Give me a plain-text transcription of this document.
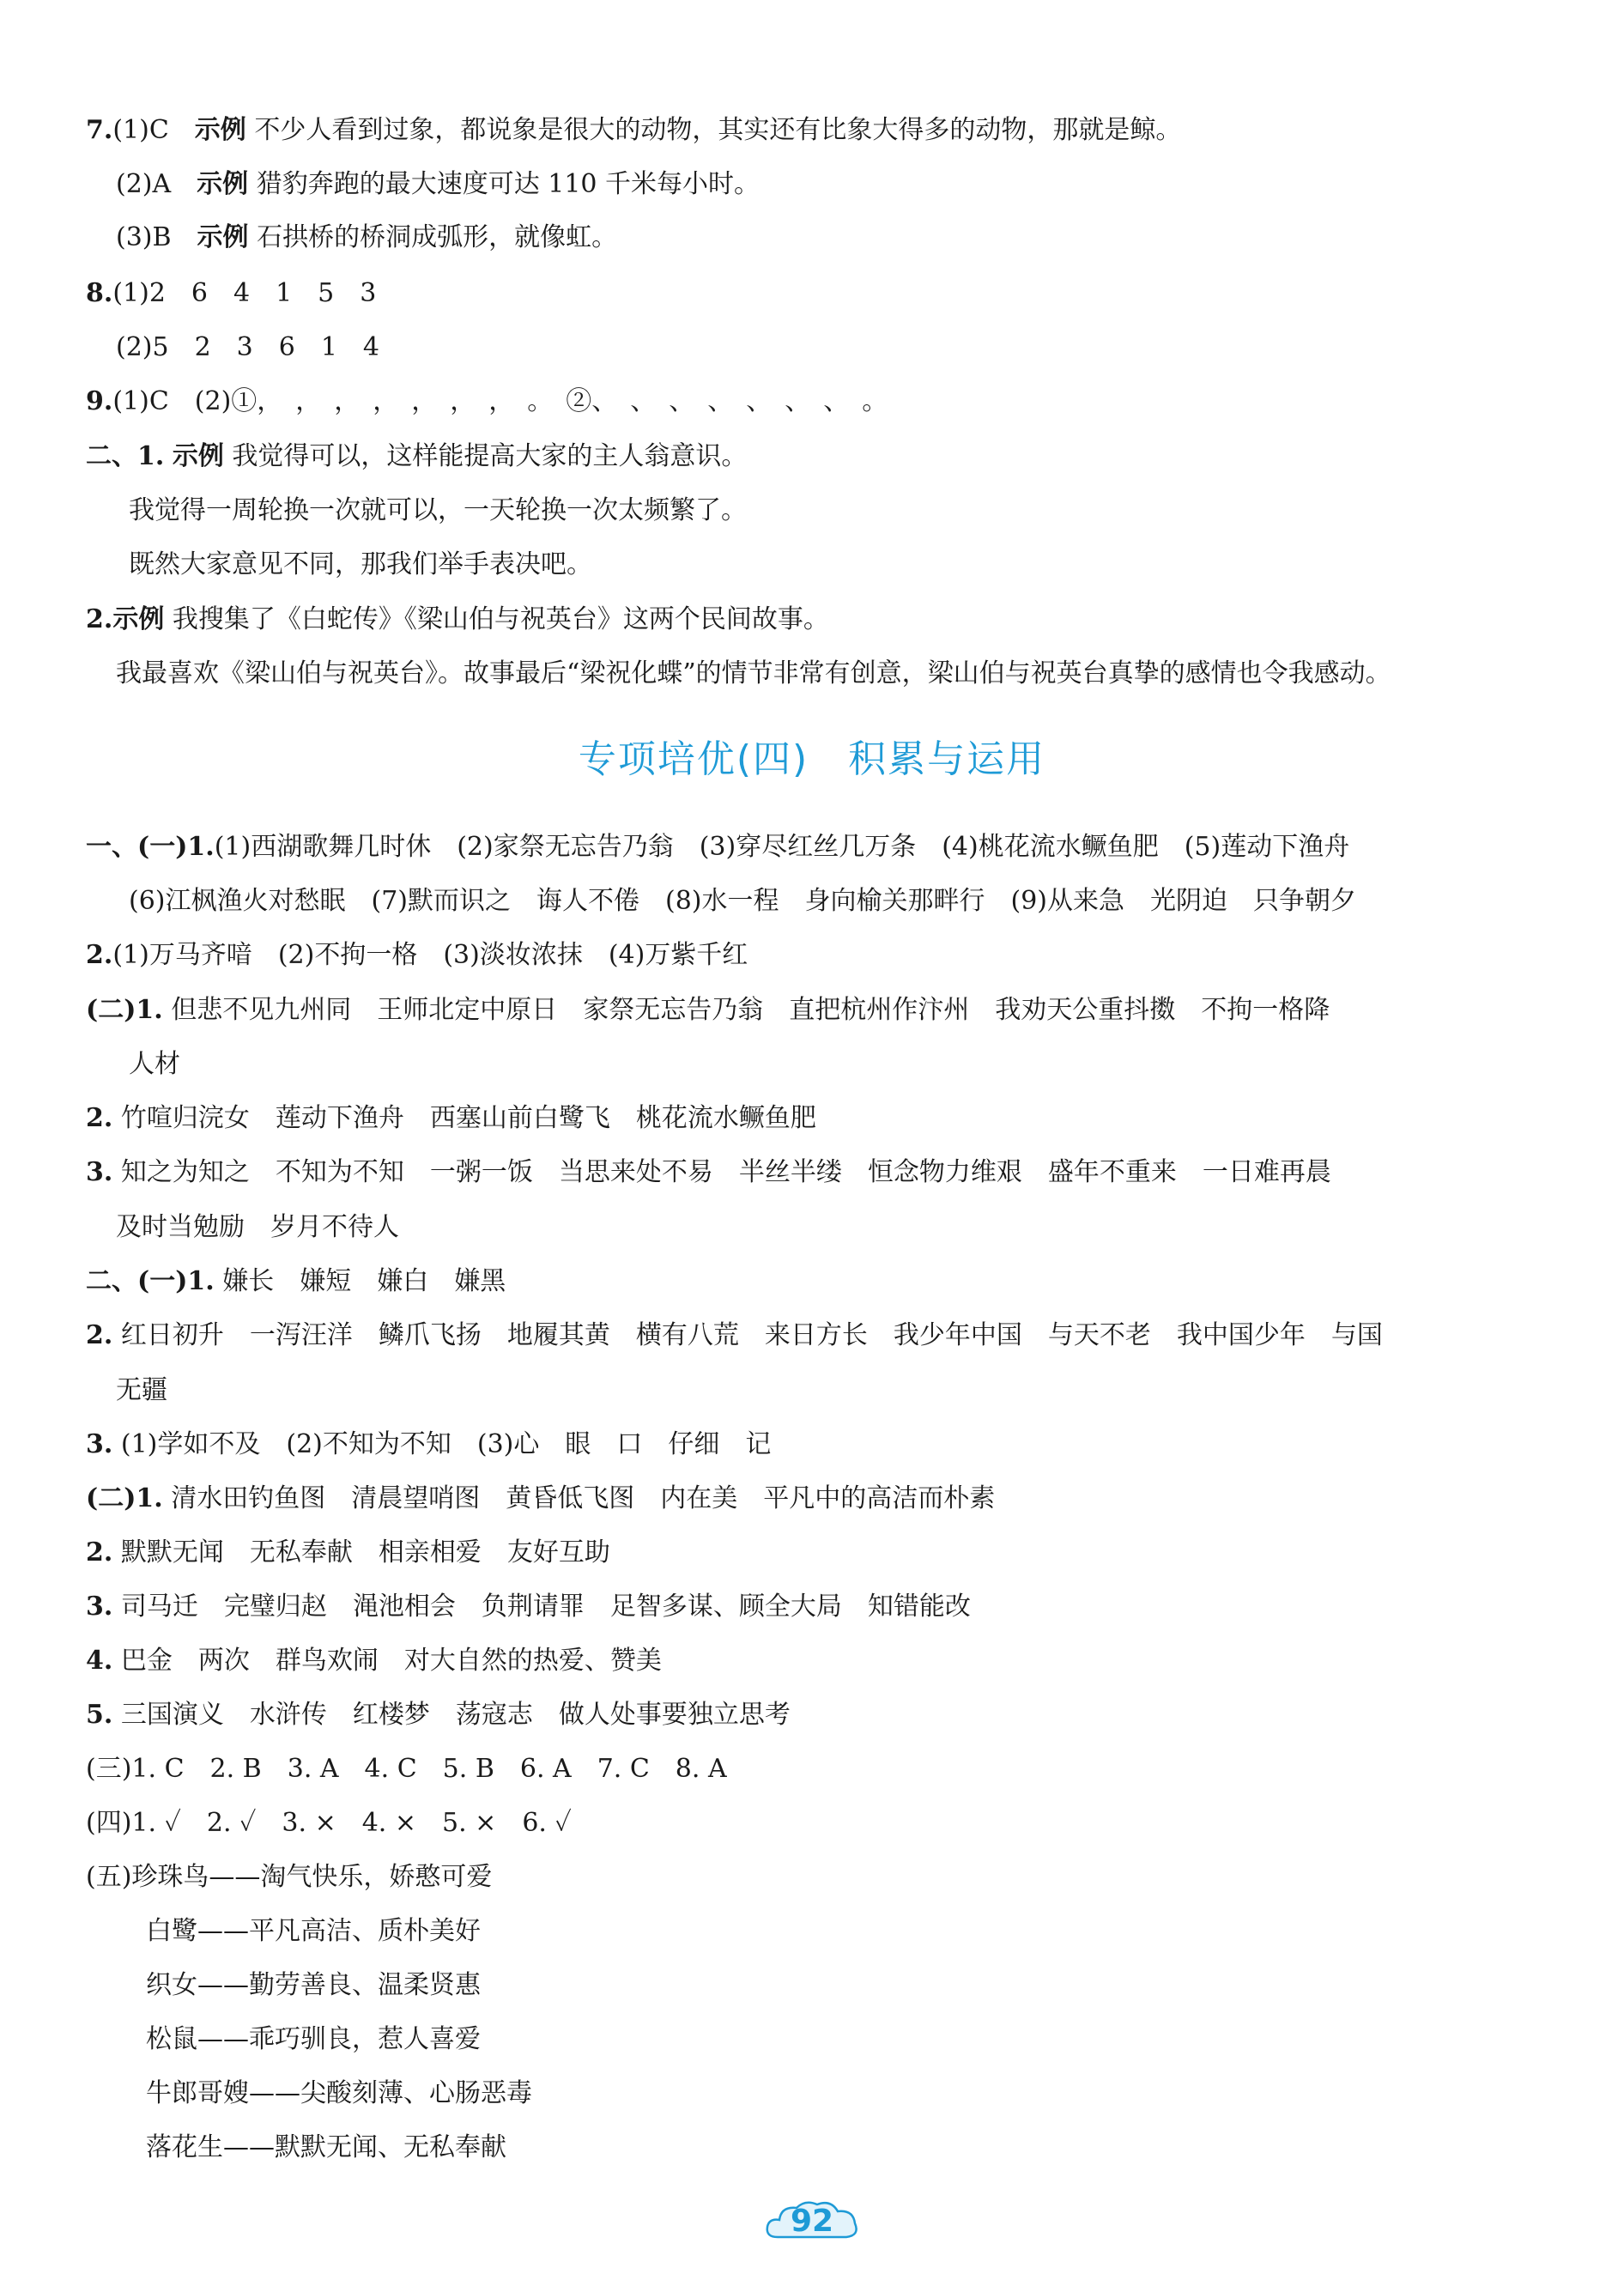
7.(1)C　 示例 不少人看到过象，都说象是很大的动物，其实还有比象大得多的动物，那就是鲸。
(2)A　 示例 猎豹奔跑的最大速度可达 110 千米每小时。
(3)B　 示例 石拱桥的桥洞成弧形，就像虹。
8.(1)2　6　4　1　5　3
(2)5　2　3　6　1　4
9.(1)C　(2)①，　，　，　，　，　，　，　。　②、　、　、　、　、　、　、　。
二、1. 示例 我觉得可以，这样能提高大家的主人翁意识。
我觉得一周轮换一次就可以，一天轮换一次太频繁了。
既然大家意见不同，那我们举手表决吧。
2.示例 我搜集了《白蛇传》《梁山伯与祝英台》这两个民间故事。
我最喜欢《梁山伯与祝英台》。故事最后“梁祝化蝶”的情节非常有创意，梁山伯与祝英台真挚的感情也令我感动。
专项培优(四)　积累与运用
一、(一)1.(1)西湖歌舞几时休　(2)家祭无忘告乃翁　(3)穿尽红丝几万条　(4)桃花流水鳜鱼肥　(5)莲动下渔舟
(6)江枫渔火对愁眠　(7)默而识之　诲人不倦　(8)水一程　身向榆关那畔行　(9)从来急　光阴迫　只争朝夕
2.(1)万马齐喑　(2)不拘一格　(3)淡妆浓抹　(4)万紫千红
(二)1. 但悲不见九州同　王师北定中原日　家祭无忘告乃翁　直把杭州作汴州　我劝天公重抖擞　不拘一格降
人材
2. 竹喧归浣女　莲动下渔舟　西塞山前白鹭飞　桃花流水鳜鱼肥
3. 知之为知之　不知为不知　一粥一饭　当思来处不易　半丝半缕　恒念物力维艰　盛年不重来　一日难再晨
及时当勉励　岁月不待人
二、(一)1. 嫌长　嫌短　嫌白　嫌黑
2. 红日初升　一泻汪洋　鳞爪飞扬　地履其黄　横有八荒　来日方长　我少年中国　与天不老　我中国少年　与国
无疆
3. (1)学如不及　(2)不知为不知　(3)心　眼　口　仔细　记
(二)1. 清水田钓鱼图　清晨望哨图　黄昏低飞图　内在美　平凡中的高洁而朴素
2. 默默无闻　无私奉献　相亲相爱　友好互助
3. 司马迁　完璧归赵　渑池相会　负荆请罪　足智多谋、顾全大局　知错能改
4. 巴金　两次　群鸟欢闹　对大自然的热爱、赞美
5. 三国演义　水浒传　红楼梦　荡寇志　做人处事要独立思考
(三)1. C　2. B　3. A　4. C　5. B　6. A　7. C　8. A
(四)1. ✓　2. ✓　3. ×　4. ×　5. ×　6. ✓
(五)珍珠鸟——淘气快乐，娇憨可爱
白鹭——平凡高洁、质朴美好
织女——勤劳善良、温柔贤惠
松鼠——乖巧驯良，惹人喜爱
牛郎哥嫂——尖酸刻薄、心肠恶毒
落花生——默默无闻、无私奉献
92
